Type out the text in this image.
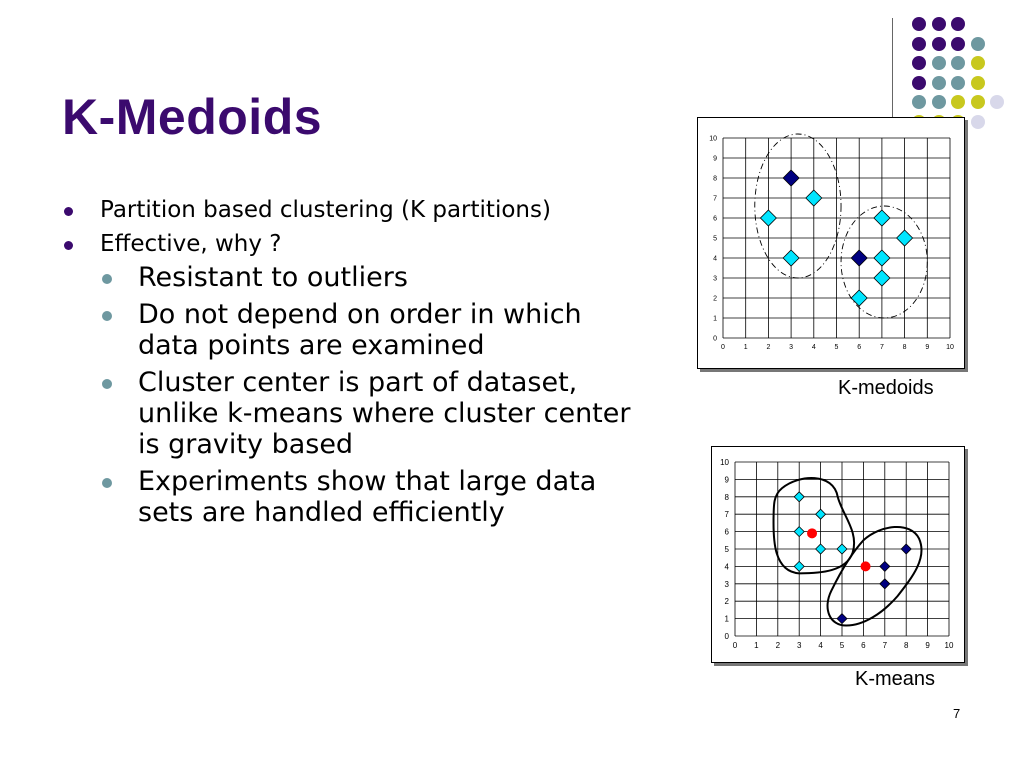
K-Medoids
Partition based clustering (K partitions)
Effective, why ?
Resistant to outliers
Do not depend on order in which data points are examined
Cluster center is part of dataset, unlike k-means where cluster center is gravity based
Experiments show that large data sets are handled efficiently
0	1	2	3	4	5	6	7	8	9 10
0
1
2
3
4
5
6
7
8
9
10
K-medoids
0 1 2 3 4 5 6 7 8 9 10
0
1
2
3
4
5
6
7
8
9
10
K-means
7
